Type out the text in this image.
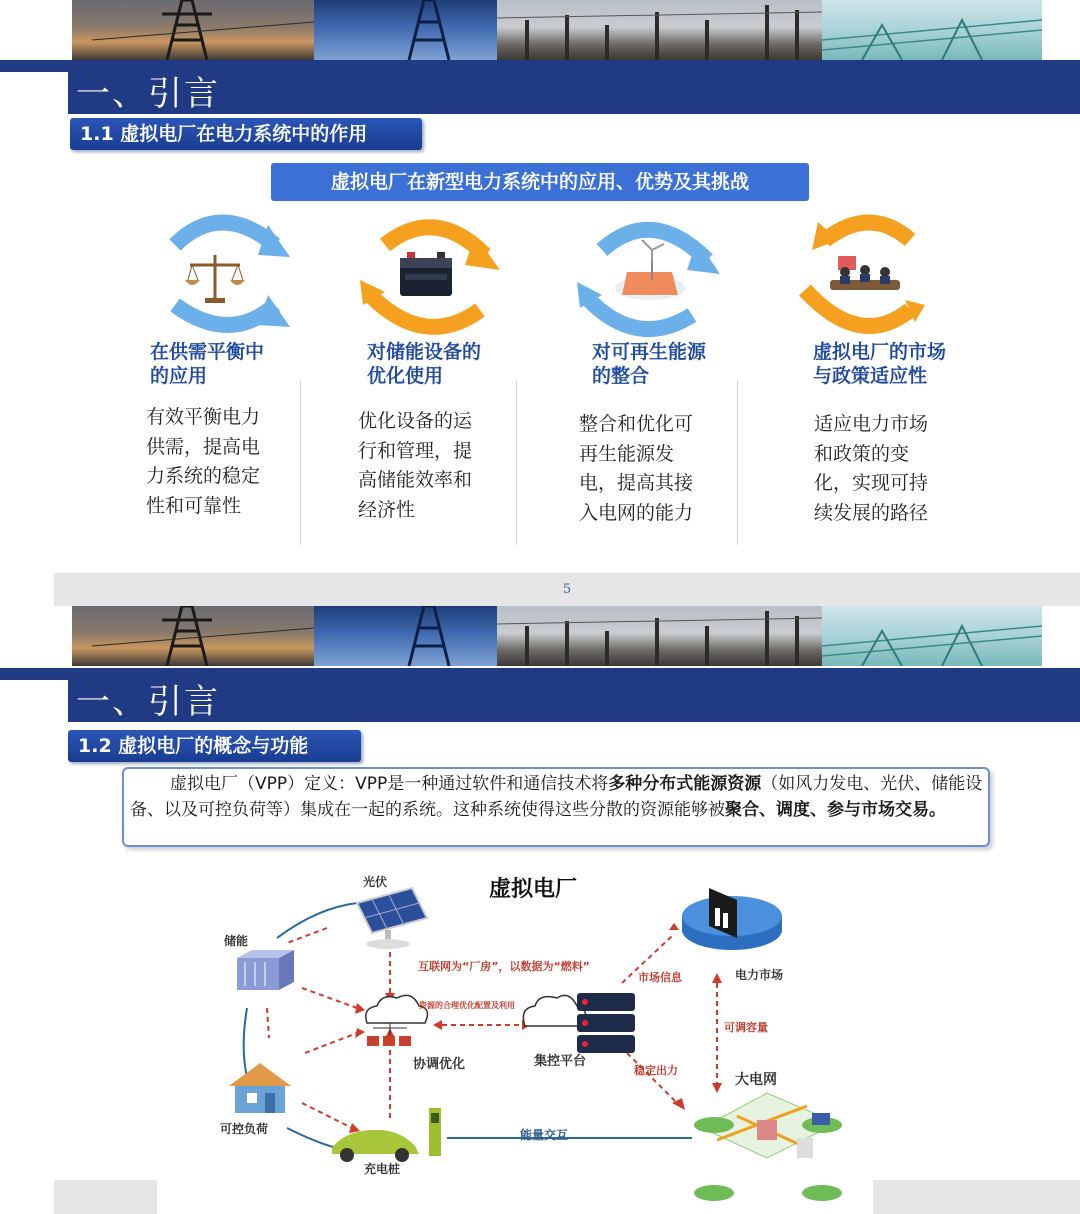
一、引言
1.1 虚拟电厂在电力系统中的作用
虚拟电厂在新型电力系统中的应用、优势及其挑战
在供需平衡中
的应用

有效平衡电力
供需，提高电
力系统的稳定
性和可靠性

对储能设备的
优化使用

优化设备的运
行和管理，提
高储能效率和
经济性

对可再生能源
的整合

整合和优化可
再生能源发
电，提高其接
入电网的能力

虚拟电厂的市场
与政策适应性

适应电力市场
和政策的变
化，实现可持
续发展的路径

5
一、引言
1.2 虚拟电厂的概念与功能
虚拟电厂（VPP）定义：VPP是一种通过软件和通信技术将多种分布式能源资源（如风力发电、光伏、储能设备、以及可控负荷等）集成在一起的系统。这种系统使得这些分散的资源能够被聚合、调度、参与市场交易。
虚拟电厂
光伏
储能
可控负荷
充电桩
协调优化	集控平台
电力市场
大电网
互联网为“厂房”，以数据为“燃料”
资源的合理优化配置及利用
市场信息
可调容量
稳定出力
能量交互
